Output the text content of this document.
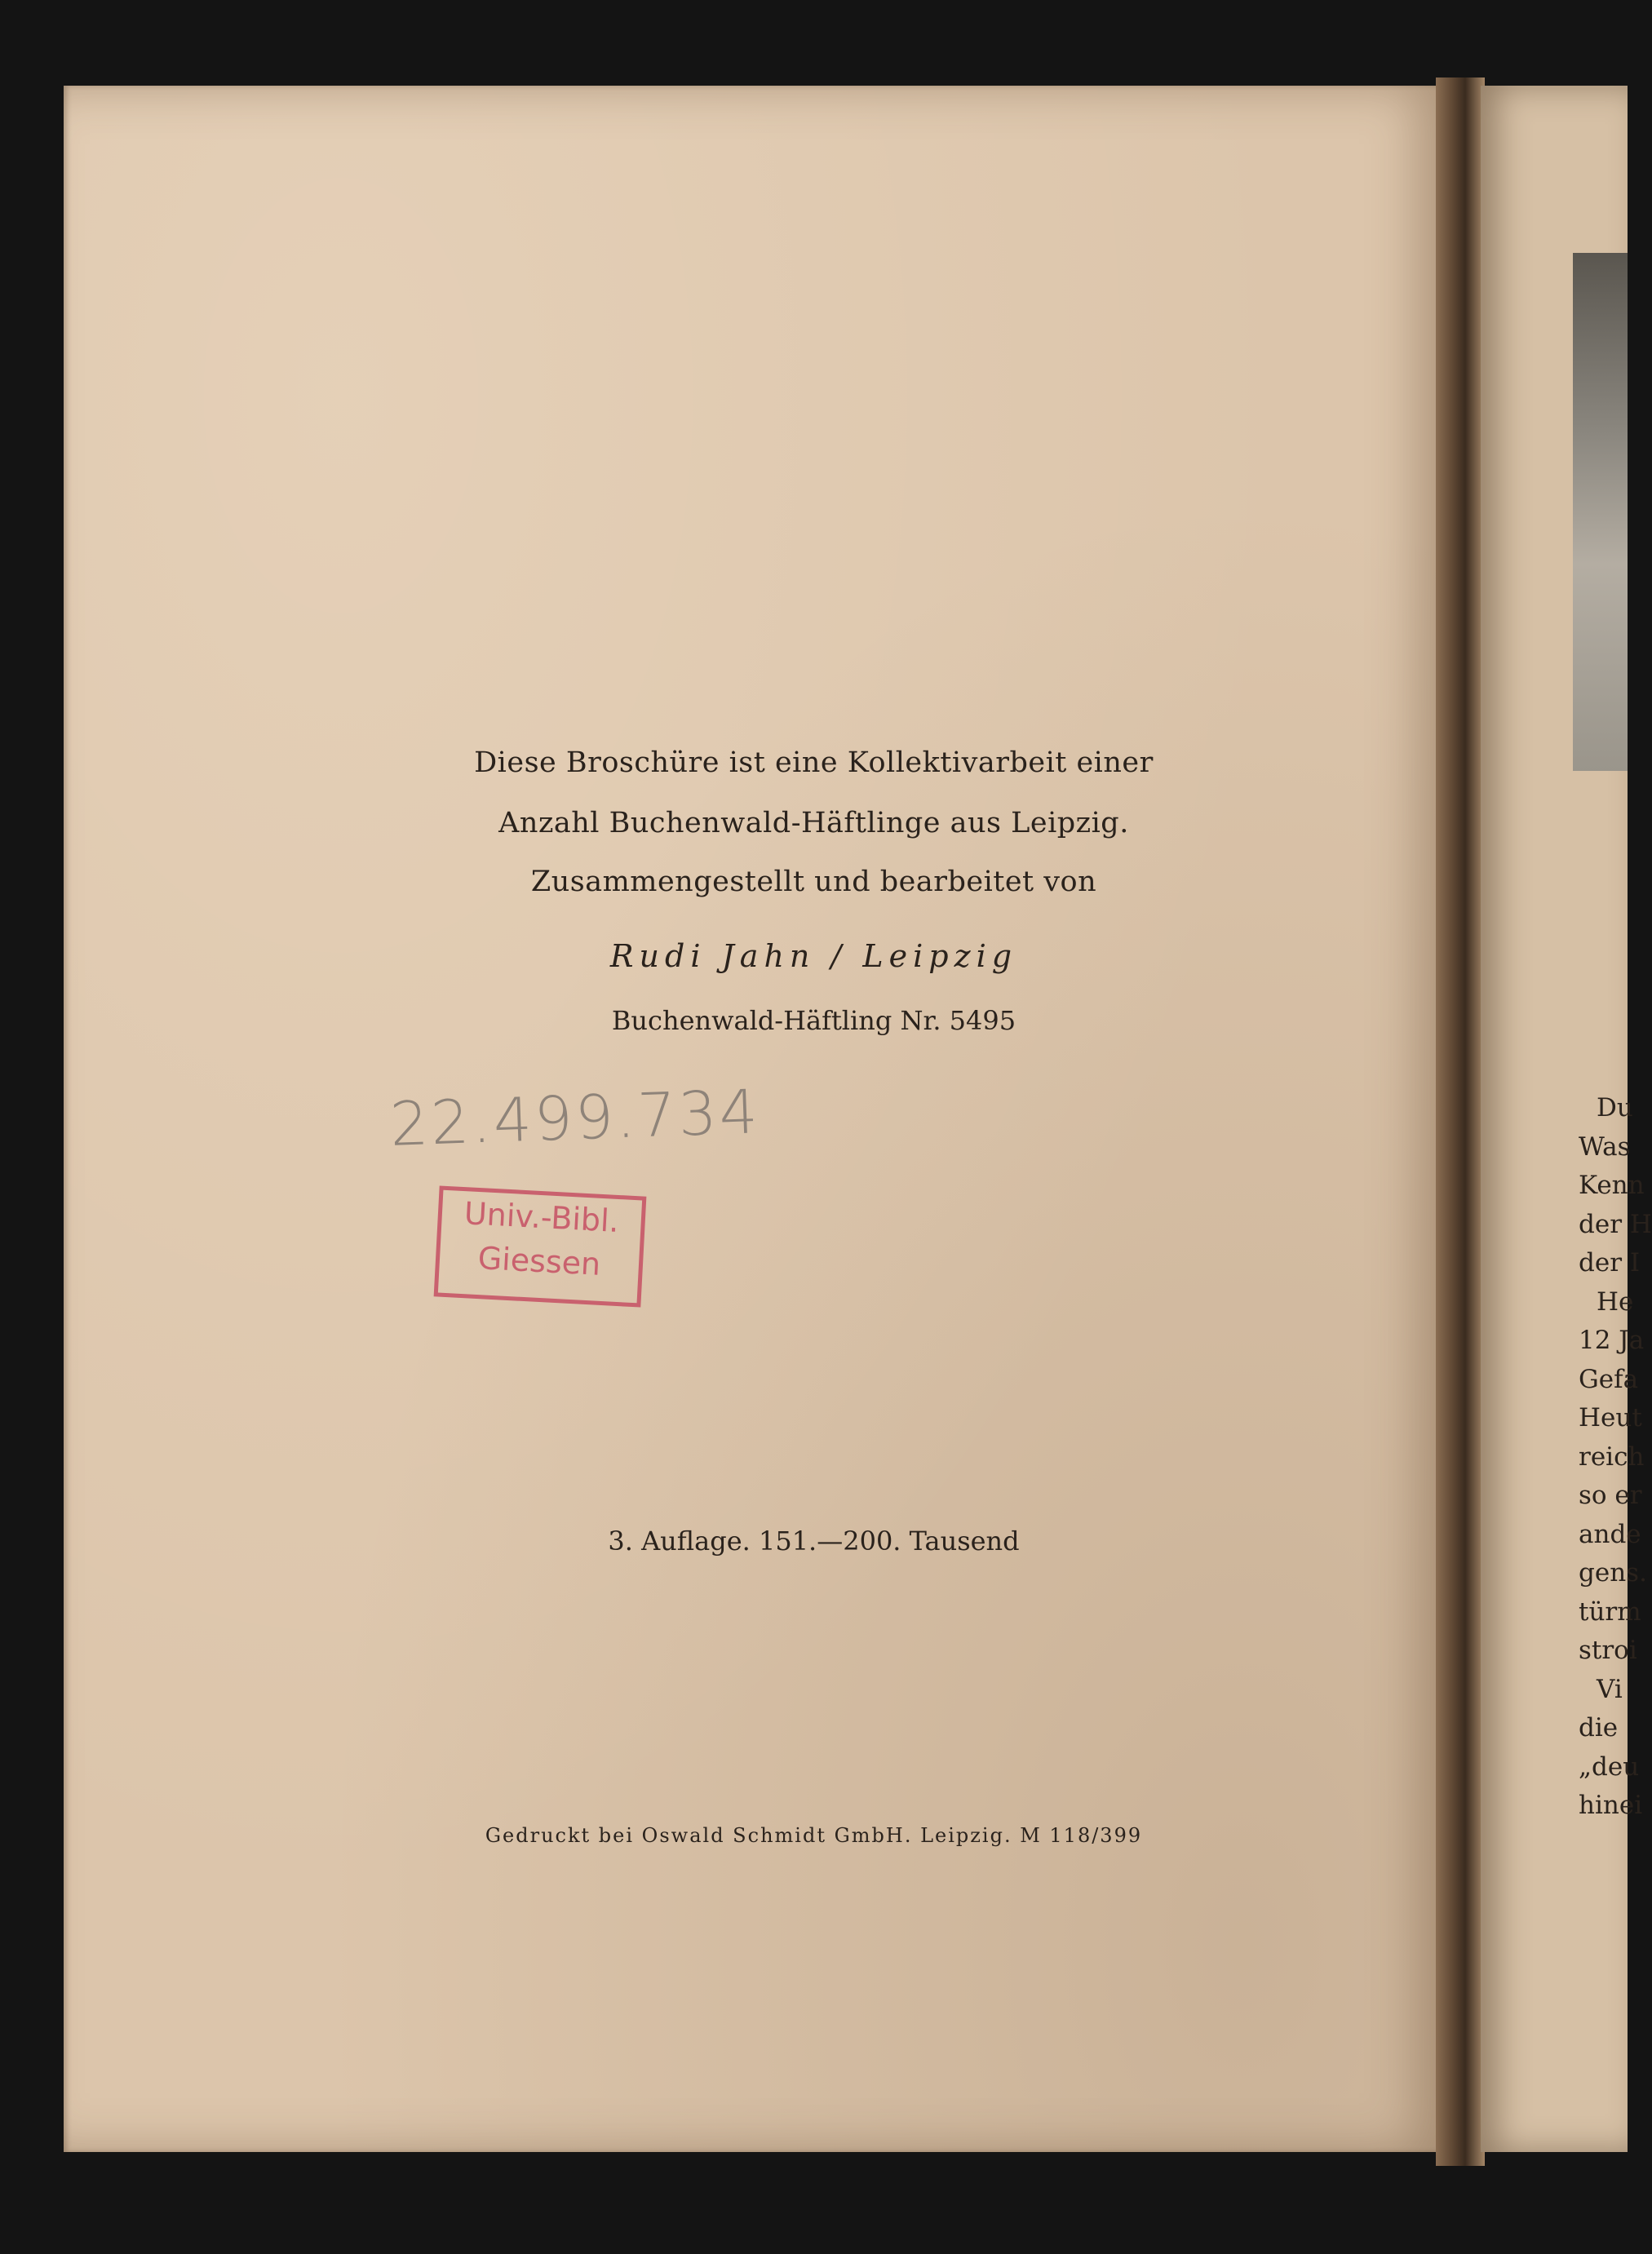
Diese Broschüre ist eine Kollektivarbeit einer

Anzahl Buchenwald-Häftlinge aus Leipzig.

Zusammengestellt und bearbeitet von

Rudi Jahn / Leipzig

Buchenwald-Häftling Nr. 5495

22.499.734

Univ.-Bibl.
Giessen

3. Auflage. 151.—200. Tausend

Gedruckt bei Oswald Schmidt GmbH. Leipzig. M 118/399

Du
Was
Kenn
der H
der I
He
12 Ja
Gefa
Heut
reich
so er
ande
gens.
türm
stroi
Vi
die
„deu
hinei
